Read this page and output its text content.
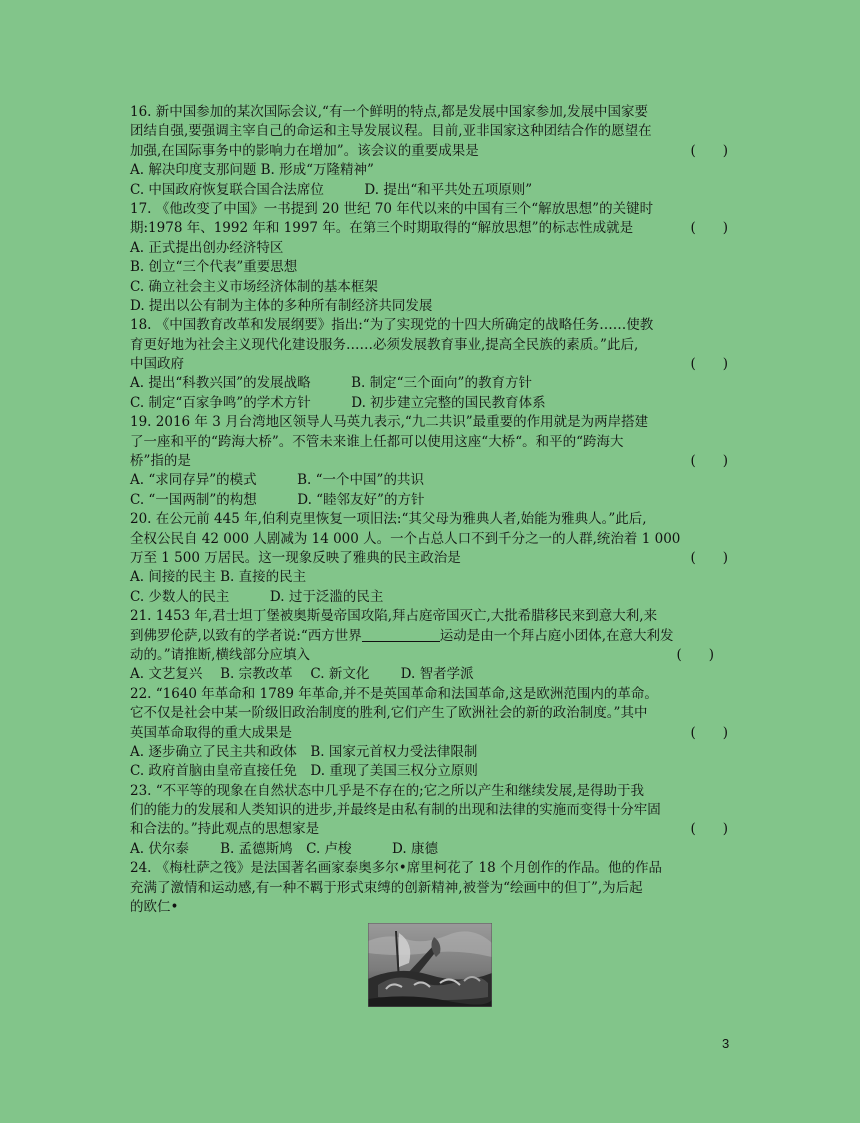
16. 新中国参加的某次国际会议,“有一个鲜明的特点,都是发展中国家参加,发展中国家要
团结自强,要强调主宰自己的命运和主导发展议程。目前,亚非国家这种团结合作的愿望在
加强,在国际事务中的影响力在增加”。该会议的重要成果是	(　　)
A. 解决印度支那问题 B. 形成“万隆精神”
C. 中国政府恢复联合国合法席位　　　D. 提出“和平共处五项原则”
17. 《他改变了中国》一书提到 20 世纪 70 年代以来的中国有三个“解放思想”的关键时
期:1978 年、1992 年和 1997 年。在第三个时期取得的“解放思想”的标志性成就是	(　　)
A. 正式提出创办经济特区
B. 创立“三个代表”重要思想
C. 确立社会主义市场经济体制的基本框架
D. 提出以公有制为主体的多种所有制经济共同发展
18. 《中国教育改革和发展纲要》指出:“为了实现党的十四大所确定的战略任务……使教
育更好地为社会主义现代化建设服务……必须发展教育事业,提高全民族的素质。”此后,
中国政府	(　　)
A. 提出“科教兴国”的发展战略　　　B. 制定“三个面向”的教育方针
C. 制定“百家争鸣”的学术方针　　　D. 初步建立完整的国民教育体系
19. 2016 年 3 月台湾地区领导人马英九表示,“九二共识”最重要的作用就是为两岸搭建
了一座和平的“跨海大桥”。不管未来谁上任都可以使用这座“大桥“。和平的“跨海大
桥”指的是	(　　)
A. “求同存异”的模式　　　B. “一个中国”的共识
C. “一国两制”的构想　　　D. “睦邻友好”的方针
20. 在公元前 445 年,伯利克里恢复一项旧法:“其父母为雅典人者,始能为雅典人。”此后,
全权公民自 42 000 人剧减为 14 000 人。一个占总人口不到千分之一的人群,统治着 1 000
万至 1 500 万居民。这一现象反映了雅典的民主政治是	(　　)
A. 间接的民主 B. 直接的民主
C. 少数人的民主　　　D. 过于泛滥的民主
21. 1453 年,君士坦丁堡被奥斯曼帝国攻陷,拜占庭帝国灭亡,大批希腊移民来到意大利,来
到佛罗伦萨,以致有的学者说:“西方世界	运动是由一个拜占庭小团体,在意大利发
动的。”请推断,横线部分应填入	(　　)
A. 文艺复兴　 B. 宗教改革　 C. 新文化　　 D. 智者学派
22. “1640 年革命和 1789 年革命,并不是英国革命和法国革命,这是欧洲范围内的革命。
它不仅是社会中某一阶级旧政治制度的胜利,它们产生了欧洲社会的新的政治制度。”其中
英国革命取得的重大成果是	(　　)
A. 逐步确立了民主共和政体　B. 国家元首权力受法律限制
C. 政府首脑由皇帝直接任免　D. 重现了美国三权分立原则
23. “不平等的现象在自然状态中几乎是不存在的;它之所以产生和继续发展,是得助于我
们的能力的发展和人类知识的进步,并最终是由私有制的出现和法律的实施而变得十分牢固
和合法的。”持此观点的思想家是	(　　)
A. 伏尔泰　　 B. 孟德斯鸠　C. 卢梭　　　D. 康德
24. 《梅杜萨之筏》是法国著名画家泰奥多尔•席里柯花了 18 个月创作的作品。他的作品
充满了激情和运动感,有一种不羁于形式束缚的创新精神,被誉为“绘画中的但丁”,为后起
的欧仁•
3
